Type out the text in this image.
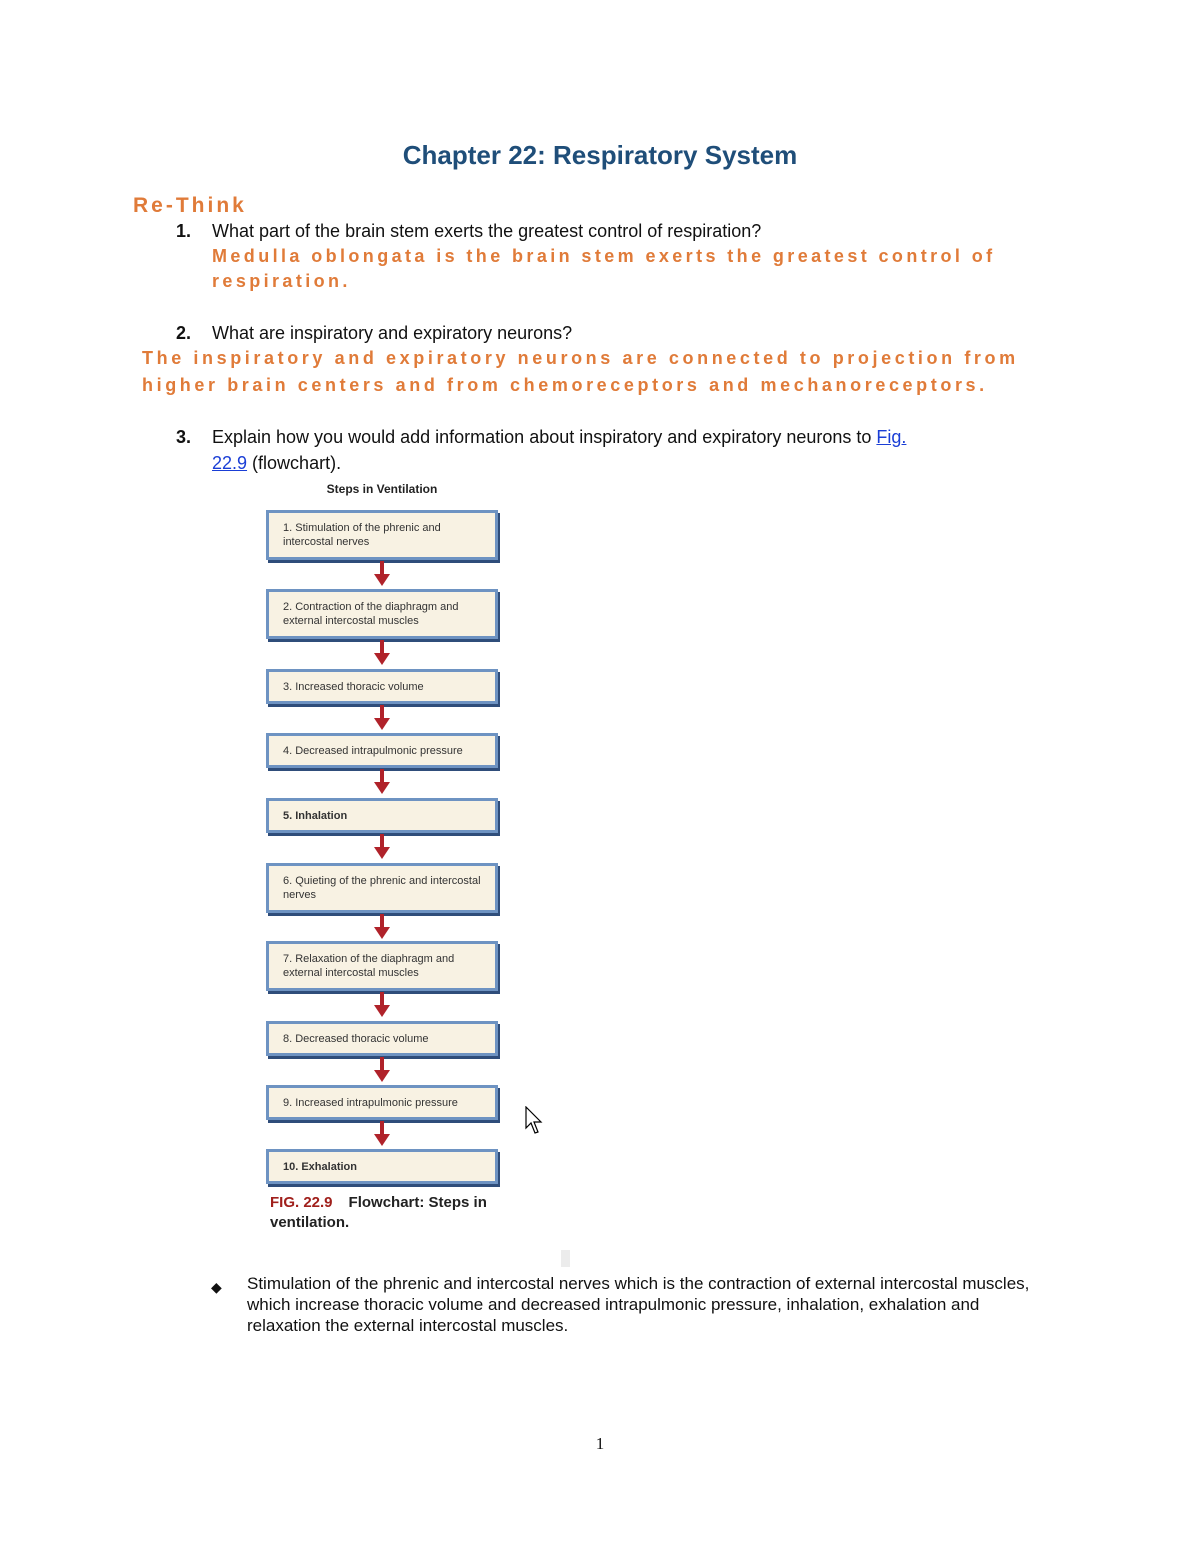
Chapter 22: Respiratory System
Re-Think
1. What part of the brain stem exerts the greatest control of respiration?
Medulla oblongata is the brain stem exerts the greatest control of
respiration.
2. What are inspiratory and expiratory neurons?
The inspiratory and expiratory neurons are connected to projection from
higher brain centers and from chemoreceptors and mechanoreceptors.
3. Explain how you would add information about inspiratory and expiratory neurons to Fig.
22.9 (flowchart).
Steps in Ventilation
1. Stimulation of the phrenic and intercostal nerves
2. Contraction of the diaphragm and external intercostal muscles
3. Increased thoracic volume
4. Decreased intrapulmonic pressure
5. Inhalation
6. Quieting of the phrenic and intercostal nerves
7. Relaxation of the diaphragm and external intercostal muscles
8. Decreased thoracic volume
9. Increased intrapulmonic pressure
10. Exhalation
FIG. 22.9 Flowchart: Steps in ventilation.
◆ Stimulation of the phrenic and intercostal nerves which is the contraction of external intercostal muscles, which increase thoracic volume and decreased intrapulmonic pressure, inhalation, exhalation and relaxation the external intercostal muscles.
1
